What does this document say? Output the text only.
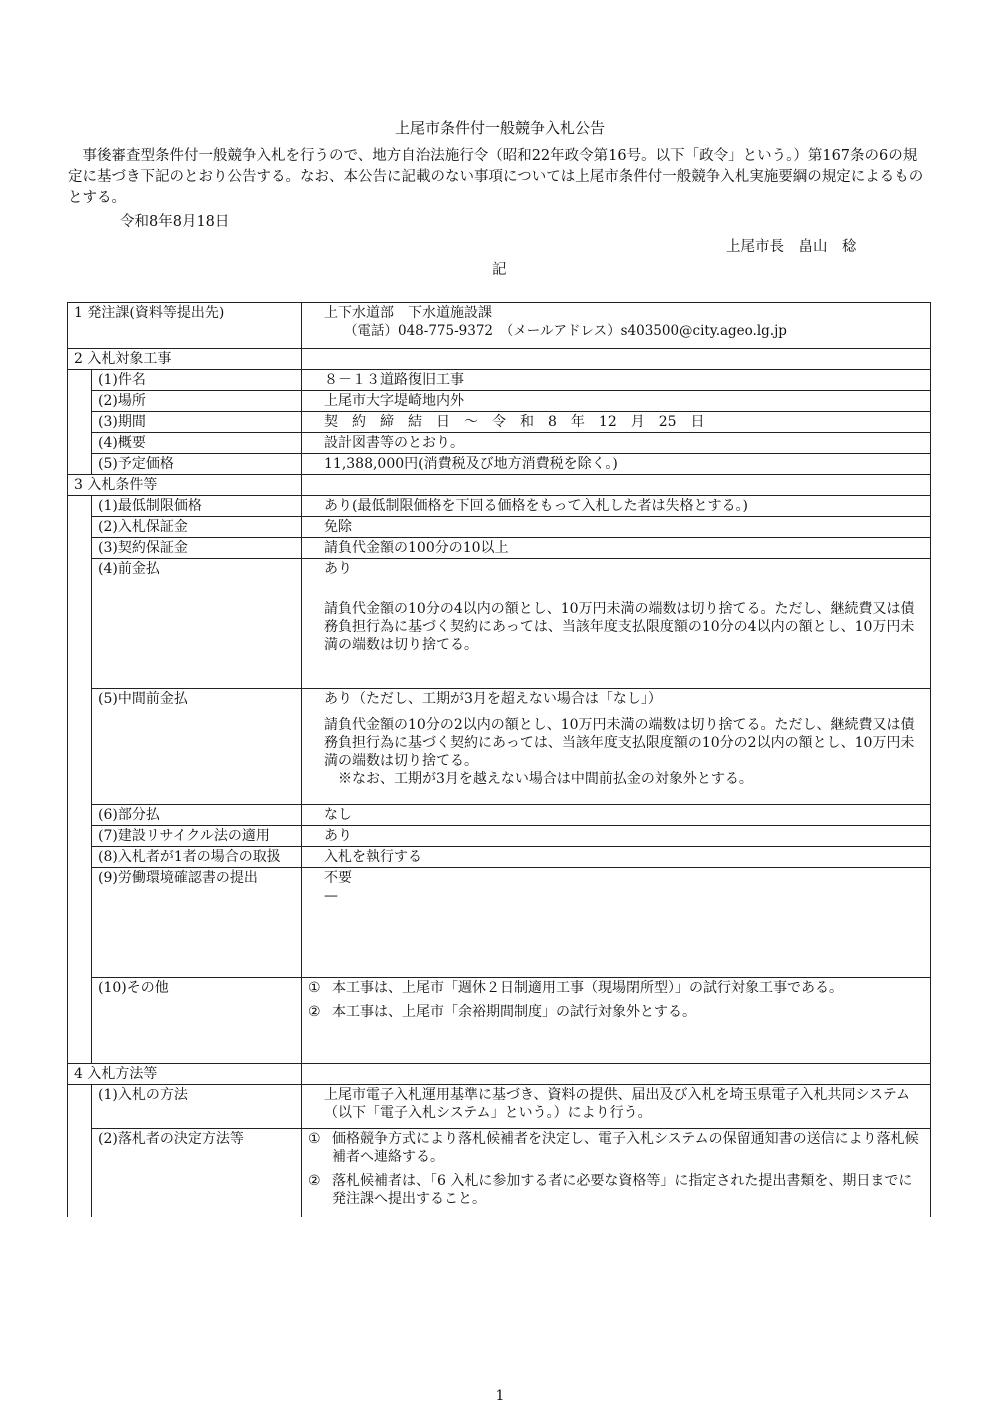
上尾市条件付一般競争入札公告
　事後審査型条件付一般競争入札を行うので、地方自治法施行令（昭和22年政令第16号。以下「政令」という。）第167条の6の規定に基づき下記のとおり公告する。なお、本公告に記載のない事項については上尾市条件付一般競争入札実施要綱の規定によるものとする。
令和8年8月18日
上尾市長　畠山　稔
記
1 発注課(資料等提出先)		上下水道部　下水道施設課
（電話）048-775-9372　（メールアドレス）s403500@city.ageo.lg.jp

2 入札対象工事		
	(1)件名	８－１３道路復旧工事
	(2)場所	上尾市大字堤崎地内外
	(3)期間	契　約　締　結　日　～　令　和　8　年　12　月　25　日
	(4)概要	設計図書等のとおり。
	(5)予定価格	11,388,000円(消費税及び地方消費税を除く。)
3 入札条件等		
	(1)最低制限価格	あり(最低制限価格を下回る価格をもって入札した者は失格とする。)
	(2)入札保証金	免除
	(3)契約保証金	請負代金額の100分の10以上
	(4)前金払	あり

請負代金額の10分の4以内の額とし、10万円未満の端数は切り捨てる。ただし、継続費又は債務負担行為に基づく契約にあっては、当該年度支払限度額の10分の4以内の額とし、10万円未満の端数は切り捨てる。

	(5)中間前金払	あり（ただし、工期が3月を超えない場合は「なし」）

請負代金額の10分の2以内の額とし、10万円未満の端数は切り捨てる。ただし、継続費又は債務負担行為に基づく契約にあっては、当該年度支払限度額の10分の2以内の額とし、10万円未満の端数は切り捨てる。

※なお、工期が3月を越えない場合は中間前払金の対象外とする。

	(6)部分払	なし
	(7)建設リサイクル法の適用	あり
	(8)入札者が1者の場合の取扱	入札を執行する
	(9)労働環境確認書の提出	不要
—

	(10)その他	① 本工事は、上尾市「週休２日制適用工事（現場閉所型）」の試行対象工事である。
② 本工事は、上尾市「余裕期間制度」の試行対象外とする。

4 入札方法等		
	(1)入札の方法	上尾市電子入札運用基準に基づき、資料の提供、届出及び入札を埼玉県電子入札共同システム（以下「電子入札システム」という。）により行う。
	(2)落札者の決定方法等	① 価格競争方式により落札候補者を決定し、電子入札システムの保留通知書の送信により落札候補者へ連絡する。
② 落札候補者は、「6 入札に参加する者に必要な資格等」に指定された提出書類を、期日までに発注課へ提出すること。
1
